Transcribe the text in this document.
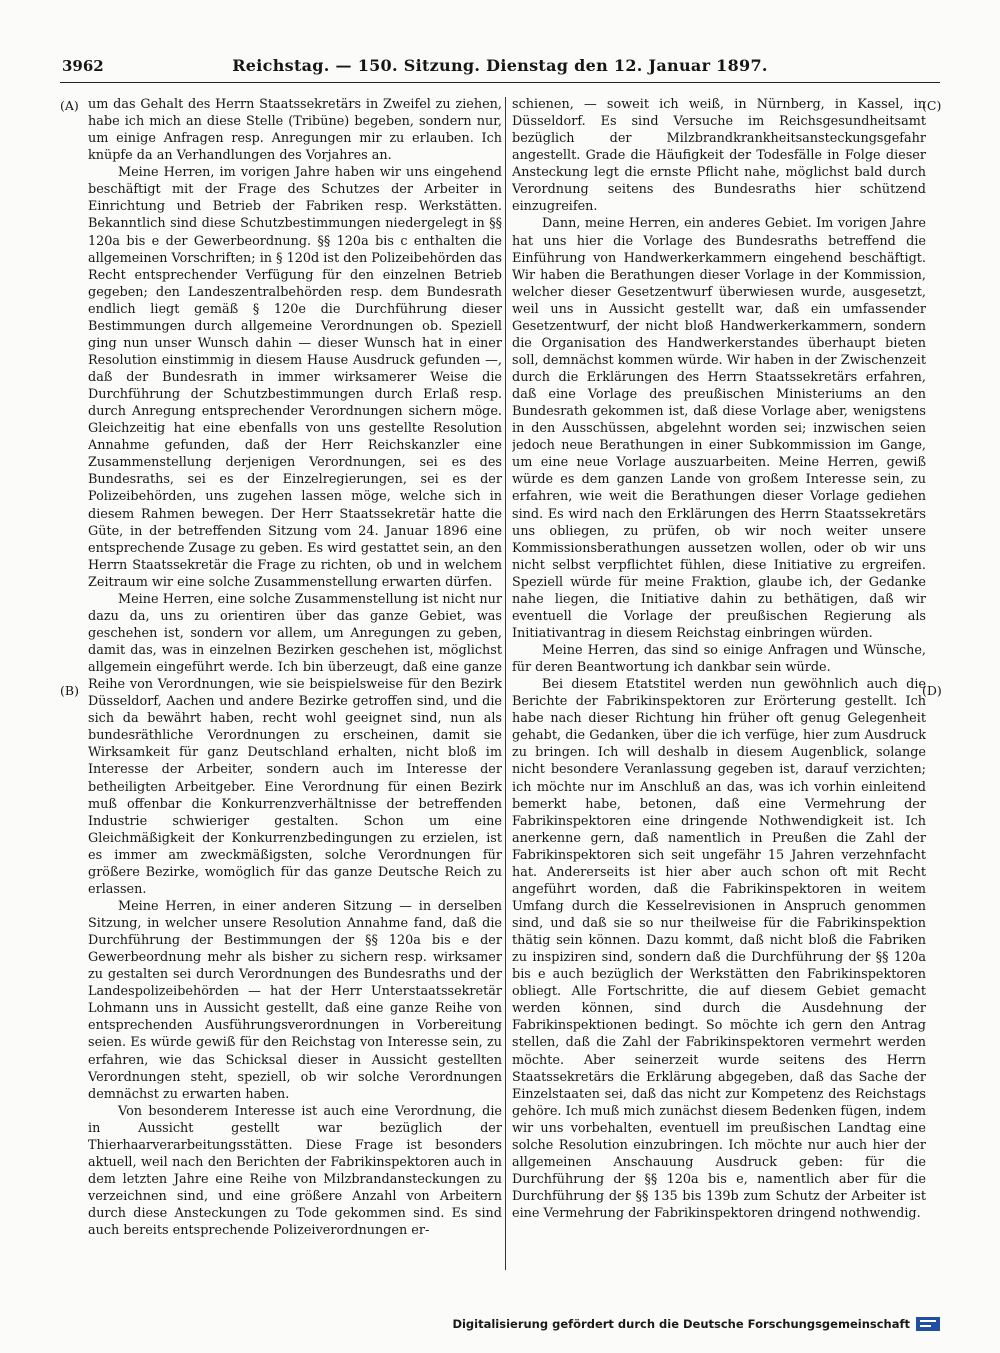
3962	Reichstag. — 150. Sitzung. Dienstag den 12. Januar 1897.
(A)
(B)
(C)
(D)

um das Gehalt des Herrn Staatssekretärs in Zweifel zu ziehen, habe ich mich an diese Stelle (Tribüne) begeben, sondern nur, um einige Anfragen resp. Anregungen mir zu erlauben. Ich knüpfe da an Verhandlungen des Vorjahres an.

Meine Herren, im vorigen Jahre haben wir uns eingehend beschäftigt mit der Frage des Schutzes der Arbeiter in Einrichtung und Betrieb der Fabriken resp. Werkstätten. Bekanntlich sind diese Schutzbestimmungen niedergelegt in §§ 120a bis e der Gewerbeordnung. §§ 120a bis c enthalten die allgemeinen Vorschriften; in § 120d ist den Polizeibehörden das Recht entsprechender Verfügung für den einzelnen Betrieb gegeben; den Landeszentralbehörden resp. dem Bundesrath endlich liegt gemäß § 120e die Durchführung dieser Bestimmungen durch allgemeine Verordnungen ob. Speziell ging nun unser Wunsch dahin — dieser Wunsch hat in einer Resolution einstimmig in diesem Hause Ausdruck gefunden —, daß der Bundesrath in immer wirksamerer Weise die Durchführung der Schutzbestimmungen durch Erlaß resp. durch Anregung entsprechender Verordnungen sichern möge. Gleichzeitig hat eine ebenfalls von uns gestellte Resolution Annahme gefunden, daß der Herr Reichskanzler eine Zusammenstellung derjenigen Verordnungen, sei es des Bundesraths, sei es der Einzelregierungen, sei es der Polizeibehörden, uns zugehen lassen möge, welche sich in diesem Rahmen bewegen. Der Herr Staatssekretär hatte die Güte, in der betreffenden Sitzung vom 24. Januar 1896 eine entsprechende Zusage zu geben. Es wird gestattet sein, an den Herrn Staatssekretär die Frage zu richten, ob und in welchem Zeitraum wir eine solche Zusammenstellung erwarten dürfen.

Meine Herren, eine solche Zusammenstellung ist nicht nur dazu da, uns zu orientiren über das ganze Gebiet, was geschehen ist, sondern vor allem, um Anregungen zu geben, damit das, was in einzelnen Bezirken geschehen ist, möglichst allgemein eingeführt werde. Ich bin überzeugt, daß eine ganze Reihe von Verordnungen, wie sie beispielsweise für den Bezirk Düsseldorf, Aachen und andere Bezirke getroffen sind, und die sich da bewährt haben, recht wohl geeignet sind, nun als bundesräthliche Verordnungen zu erscheinen, damit sie Wirksamkeit für ganz Deutschland erhalten, nicht bloß im Interesse der Arbeiter, sondern auch im Interesse der betheiligten Arbeitgeber. Eine Verordnung für einen Bezirk muß offenbar die Konkurrenzverhältnisse der betreffenden Industrie schwieriger gestalten. Schon um eine Gleichmäßigkeit der Konkurrenzbedingungen zu erzielen, ist es immer am zweckmäßigsten, solche Verordnungen für größere Bezirke, womöglich für das ganze Deutsche Reich zu erlassen.

Meine Herren, in einer anderen Sitzung — in derselben Sitzung, in welcher unsere Resolution Annahme fand, daß die Durchführung der Bestimmungen der §§ 120a bis e der Gewerbeordnung mehr als bisher zu sichern resp. wirksamer zu gestalten sei durch Verordnungen des Bundesraths und der Landespolizeibehörden — hat der Herr Unterstaatssekretär Lohmann uns in Aussicht gestellt, daß eine ganze Reihe von entsprechenden Ausführungsverordnungen in Vorbereitung seien. Es würde gewiß für den Reichstag von Interesse sein, zu erfahren, wie das Schicksal dieser in Aussicht gestellten Verordnungen steht, speziell, ob wir solche Verordnungen demnächst zu erwarten haben.

Von besonderem Interesse ist auch eine Verordnung, die in Aussicht gestellt war bezüglich der Thierhaarverarbeitungsstätten. Diese Frage ist besonders aktuell, weil nach den Berichten der Fabrikinspektoren auch in dem letzten Jahre eine Reihe von Milzbrandansteckungen zu verzeichnen sind, und eine größere Anzahl von Arbeitern durch diese Ansteckungen zu Tode gekommen sind. Es sind auch bereits entsprechende Polizeiverordnungen er-

schienen, — soweit ich weiß, in Nürnberg, in Kassel, in Düsseldorf. Es sind Versuche im Reichsgesundheitsamt bezüglich der Milzbrandkrankheitsansteckungsgefahr angestellt. Grade die Häufigkeit der Todesfälle in Folge dieser Ansteckung legt die ernste Pflicht nahe, möglichst bald durch Verordnung seitens des Bundesraths hier schützend einzugreifen.

Dann, meine Herren, ein anderes Gebiet. Im vorigen Jahre hat uns hier die Vorlage des Bundesraths betreffend die Einführung von Handwerkerkammern eingehend beschäftigt. Wir haben die Berathungen dieser Vorlage in der Kommission, welcher dieser Gesetzentwurf überwiesen wurde, ausgesetzt, weil uns in Aussicht gestellt war, daß ein umfassender Gesetzentwurf, der nicht bloß Handwerkerkammern, sondern die Organisation des Handwerkerstandes überhaupt bieten soll, demnächst kommen würde. Wir haben in der Zwischenzeit durch die Erklärungen des Herrn Staatssekretärs erfahren, daß eine Vorlage des preußischen Ministeriums an den Bundesrath gekommen ist, daß diese Vorlage aber, wenigstens in den Ausschüssen, abgelehnt worden sei; inzwischen seien jedoch neue Berathungen in einer Subkommission im Gange, um eine neue Vorlage auszuarbeiten. Meine Herren, gewiß würde es dem ganzen Lande von großem Interesse sein, zu erfahren, wie weit die Berathungen dieser Vorlage gediehen sind. Es wird nach den Erklärungen des Herrn Staatssekretärs uns obliegen, zu prüfen, ob wir noch weiter unsere Kommissionsberathungen aussetzen wollen, oder ob wir uns nicht selbst verpflichtet fühlen, diese Initiative zu ergreifen. Speziell würde für meine Fraktion, glaube ich, der Gedanke nahe liegen, die Initiative dahin zu bethätigen, daß wir eventuell die Vorlage der preußischen Regierung als Initiativantrag in diesem Reichstag einbringen würden.

Meine Herren, das sind so einige Anfragen und Wünsche, für deren Beantwortung ich dankbar sein würde.

Bei diesem Etatstitel werden nun gewöhnlich auch die Berichte der Fabrikinspektoren zur Erörterung gestellt. Ich habe nach dieser Richtung hin früher oft genug Gelegenheit gehabt, die Gedanken, über die ich verfüge, hier zum Ausdruck zu bringen. Ich will deshalb in diesem Augenblick, solange nicht besondere Veranlassung gegeben ist, darauf verzichten; ich möchte nur im Anschluß an das, was ich vorhin einleitend bemerkt habe, betonen, daß eine Vermehrung der Fabrikinspektoren eine dringende Nothwendigkeit ist. Ich anerkenne gern, daß namentlich in Preußen die Zahl der Fabrikinspektoren sich seit ungefähr 15 Jahren verzehnfacht hat. Andererseits ist hier aber auch schon oft mit Recht angeführt worden, daß die Fabrikinspektoren in weitem Umfang durch die Kesselrevisionen in Anspruch genommen sind, und daß sie so nur theilweise für die Fabrikinspektion thätig sein können. Dazu kommt, daß nicht bloß die Fabriken zu inspiziren sind, sondern daß die Durchführung der §§ 120a bis e auch bezüglich der Werkstätten den Fabrikinspektoren obliegt. Alle Fortschritte, die auf diesem Gebiet gemacht werden können, sind durch die Ausdehnung der Fabrikinspektionen bedingt. So möchte ich gern den Antrag stellen, daß die Zahl der Fabrikinspektoren vermehrt werden möchte. Aber seinerzeit wurde seitens des Herrn Staatssekretärs die Erklärung abgegeben, daß das Sache der Einzelstaaten sei, daß das nicht zur Kompetenz des Reichstags gehöre. Ich muß mich zunächst diesem Bedenken fügen, indem wir uns vorbehalten, eventuell im preußischen Landtag eine solche Resolution einzubringen. Ich möchte nur auch hier der allgemeinen Anschauung Ausdruck geben: für die Durchführung der §§ 120a bis e, namentlich aber für die Durchführung der §§ 135 bis 139b zum Schutz der Arbeiter ist eine Vermehrung der Fabrikinspektoren dringend nothwendig.

Digitalisierung gefördert durch die Deutsche Forschungsgemeinschaft
